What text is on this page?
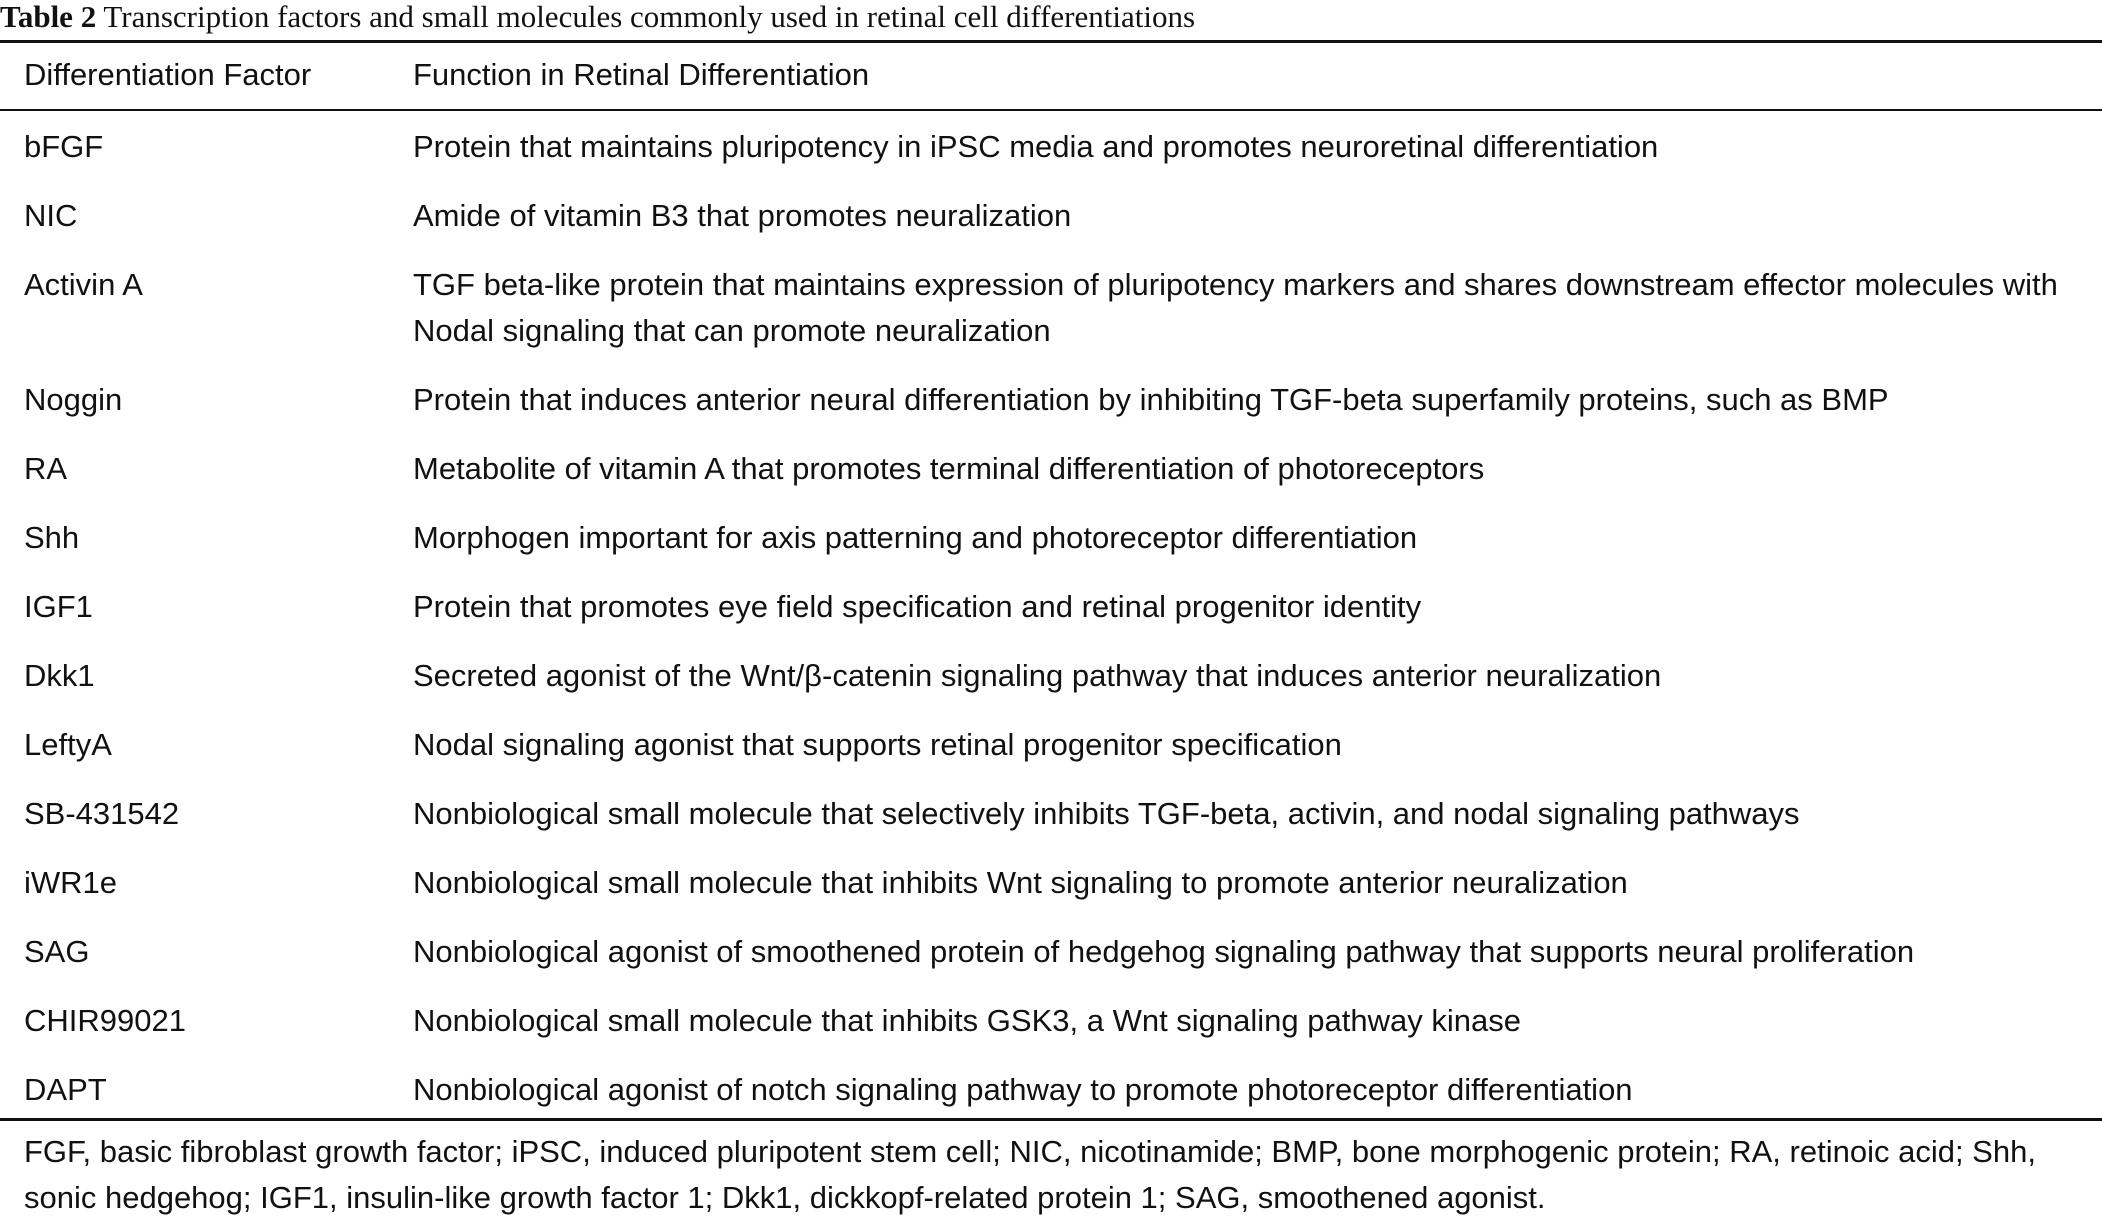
Table 2 Transcription factors and small molecules commonly used in retinal cell differentiations
Differentiation Factor	Function in Retinal Differentiation
bFGF	Protein that maintains pluripotency in iPSC media and promotes neuroretinal differentiation
NIC	Amide of vitamin B3 that promotes neuralization
Activin A	TGF beta-like protein that maintains expression of pluripotency markers and shares downstream effector molecules with Nodal signaling that can promote neuralization
Noggin	Protein that induces anterior neural differentiation by inhibiting TGF-beta superfamily proteins, such as BMP
RA	Metabolite of vitamin A that promotes terminal differentiation of photoreceptors
Shh	Morphogen important for axis patterning and photoreceptor differentiation
IGF1	Protein that promotes eye field specification and retinal progenitor identity
Dkk1	Secreted agonist of the Wnt/β-catenin signaling pathway that induces anterior neuralization
LeftyA	Nodal signaling agonist that supports retinal progenitor specification
SB-431542	Nonbiological small molecule that selectively inhibits TGF-beta, activin, and nodal signaling pathways
iWR1e	Nonbiological small molecule that inhibits Wnt signaling to promote anterior neuralization
SAG	Nonbiological agonist of smoothened protein of hedgehog signaling pathway that supports neural proliferation
CHIR99021	Nonbiological small molecule that inhibits GSK3, a Wnt signaling pathway kinase
DAPT	Nonbiological agonist of notch signaling pathway to promote photoreceptor differentiation
FGF, basic fibroblast growth factor; iPSC, induced pluripotent stem cell; NIC, nicotinamide; BMP, bone morphogenic protein; RA, retinoic acid; Shh, sonic hedgehog; IGF1, insulin-like growth factor 1; Dkk1, dickkopf-related protein 1; SAG, smoothened agonist.
